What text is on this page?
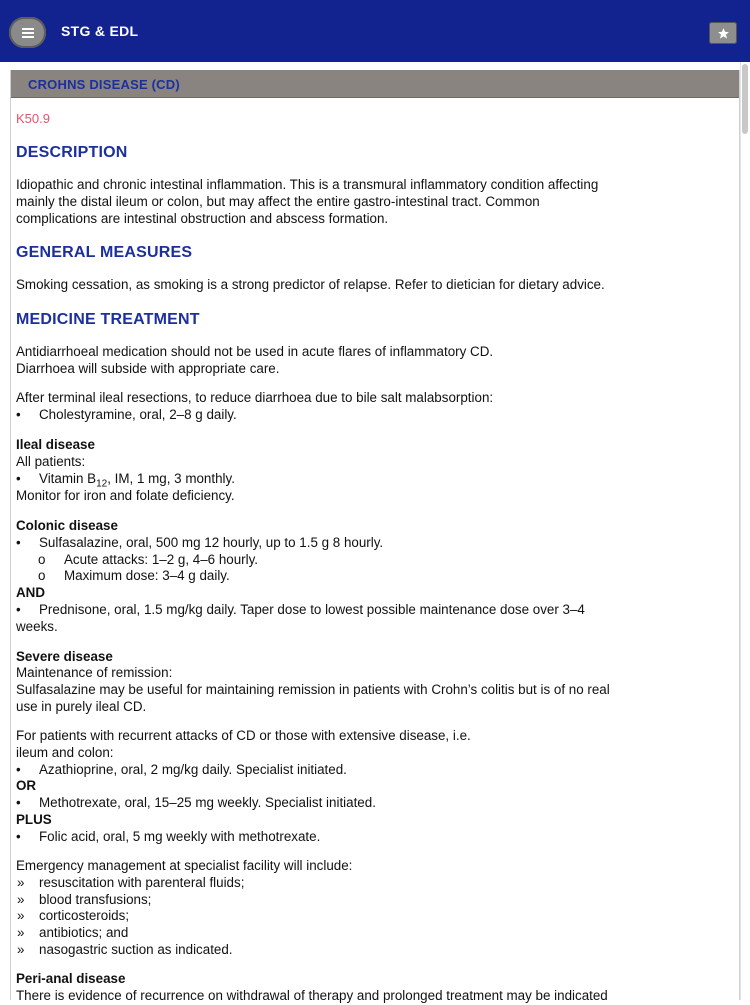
STG & EDL
CROHNS DISEASE (CD)
K50.9
DESCRIPTION
Idiopathic and chronic intestinal inflammation. This is a transmural inflammatory condition affecting
mainly the distal ileum or colon, but may affect the entire gastro-intestinal tract. Common
complications are intestinal obstruction and abscess formation.
GENERAL MEASURES
Smoking cessation, as smoking is a strong predictor of relapse. Refer to dietician for dietary advice.
MEDICINE TREATMENT
Antidiarrhoeal medication should not be used in acute flares of inflammatory CD.
Diarrhoea will subside with appropriate care.
After terminal ileal resections, to reduce diarrhoea due to bile salt malabsorption:
• Cholestyramine, oral, 2–8 g daily.
Ileal disease
All patients:
• Vitamin $B_{12}$, IM, 1 mg, 3 monthly.
Monitor for iron and folate deficiency.
Colonic disease
• Sulfasalazine, oral, 500 mg 12 hourly, up to 1.5 g 8 hourly.
o Acute attacks: 1–2 g, 4–6 hourly.
o Maximum dose: 3–4 g daily.
AND
• Prednisone, oral, 1.5 mg/kg daily. Taper dose to lowest possible maintenance dose over 3–4
weeks.
Severe disease
Maintenance of remission:
Sulfasalazine may be useful for maintaining remission in patients with Crohn’s colitis but is of no real
use in purely ileal CD.
For patients with recurrent attacks of CD or those with extensive disease, i.e.
ileum and colon:
• Azathioprine, oral, 2 mg/kg daily. Specialist initiated.
OR
• Methotrexate, oral, 15–25 mg weekly. Specialist initiated.
PLUS
• Folic acid, oral, 5 mg weekly with methotrexate.
Emergency management at specialist facility will include:
» resuscitation with parenteral fluids;
» blood transfusions;
» corticosteroids;
» antibiotics; and
» nasogastric suction as indicated.
Peri-anal disease
There is evidence of recurrence on withdrawal of therapy and prolonged treatment may be indicated
